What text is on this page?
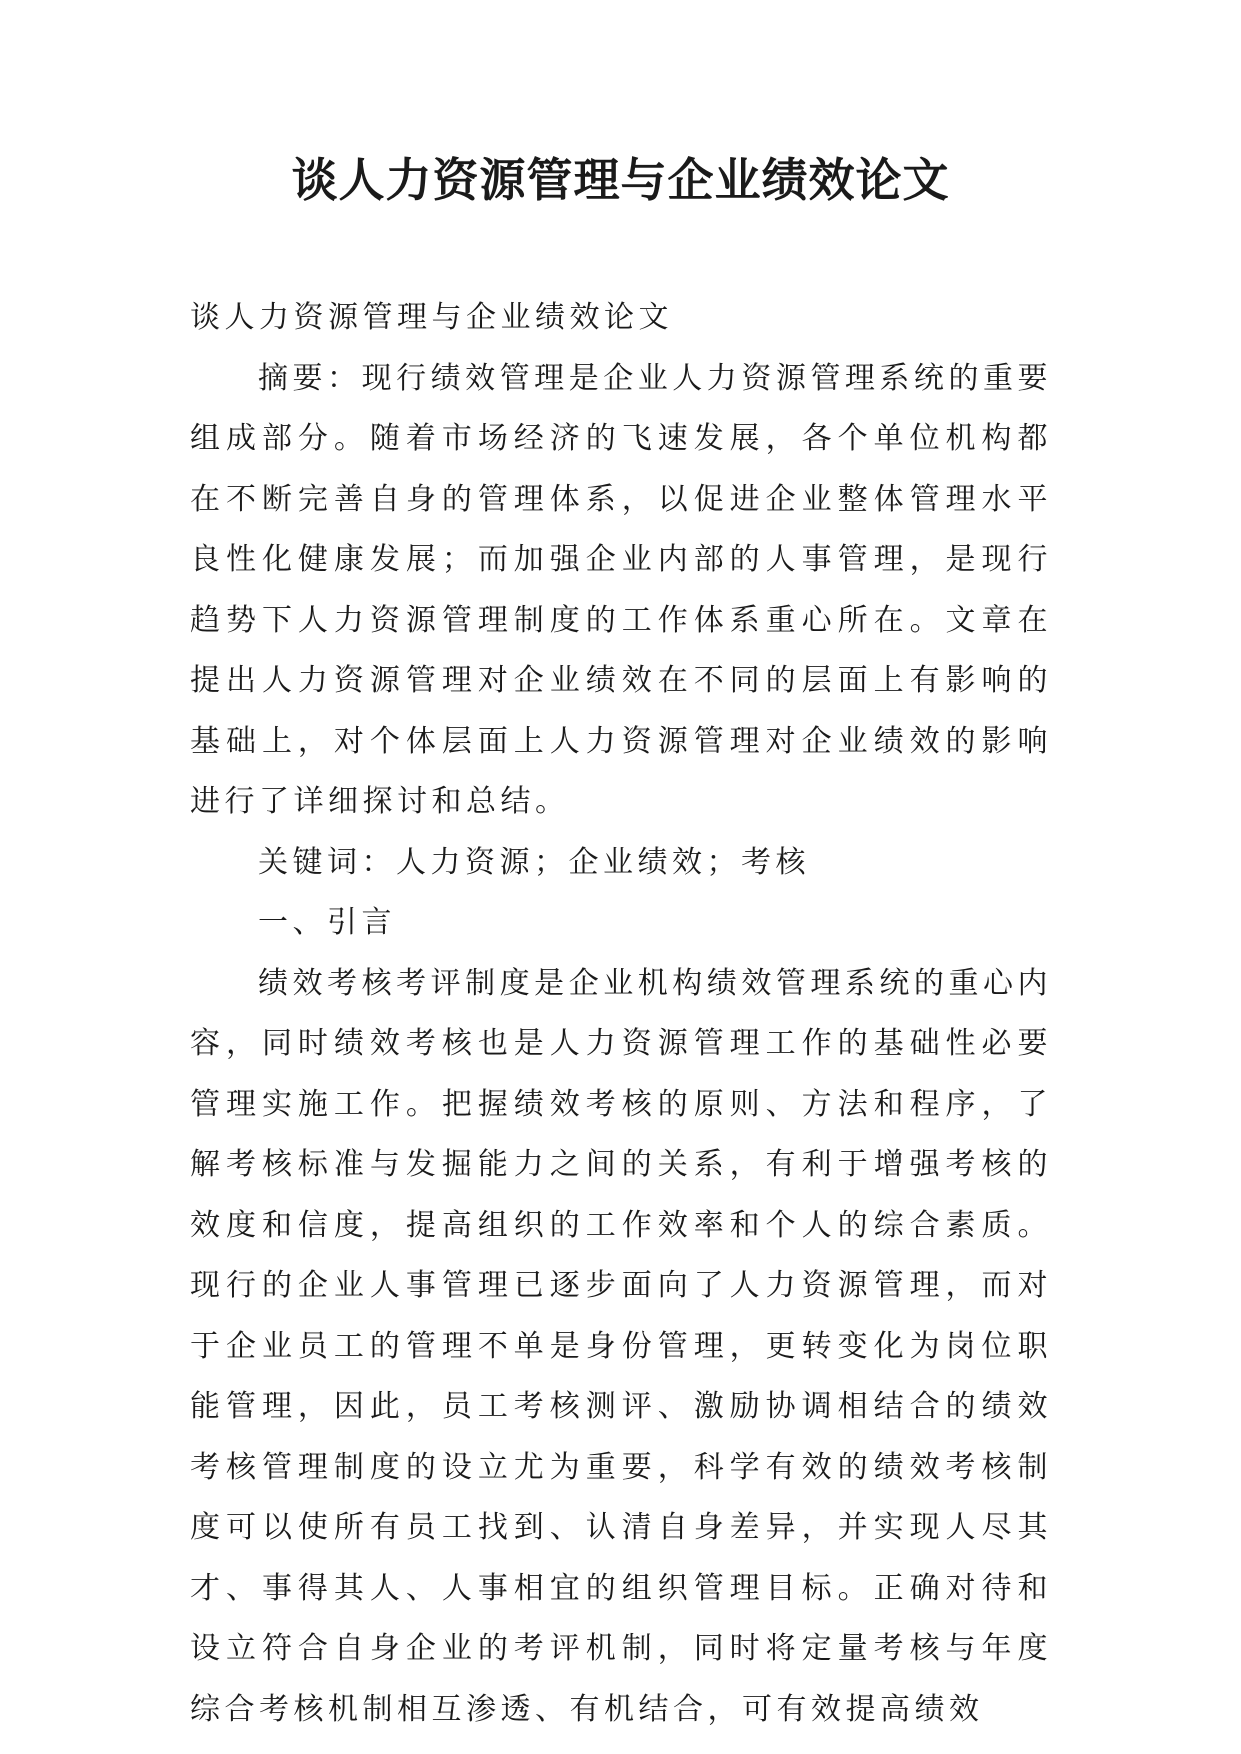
谈人力资源管理与企业绩效论文

谈人力资源管理与企业绩效论文

摘要：现行绩效管理是企业人力资源管理系统的重要组成部分。随着市场经济的飞速发展，各个单位机构都在不断完善自身的管理体系，以促进企业整体管理水平良性化健康发展；而加强企业内部的人事管理，是现行趋势下人力资源管理制度的工作体系重心所在。文章在提出人力资源管理对企业绩效在不同的层面上有影响的基础上，对个体层面上人力资源管理对企业绩效的影响进行了详细探讨和总结。

关键词：人力资源；企业绩效；考核

一、引言

绩效考核考评制度是企业机构绩效管理系统的重心内容，同时绩效考核也是人力资源管理工作的基础性必要管理实施工作。把握绩效考核的原则、方法和程序，了解考核标准与发掘能力之间的关系，有利于增强考核的效度和信度，提高组织的工作效率和个人的综合素质。现行的企业人事管理已逐步面向了人力资源管理，而对于企业员工的管理不单是身份管理，更转变化为岗位职能管理，因此，员工考核测评、激励协调相结合的绩效考核管理制度的设立尤为重要，科学有效的绩效考核制度可以使所有员工找到、认清自身差异，并实现人尽其才、事得其人、人事相宜的组织管理目标。正确对待和设立符合自身企业的考评机制，同时将定量考核与年度综合考核机制相互渗透、有机结合，可有效提高绩效
